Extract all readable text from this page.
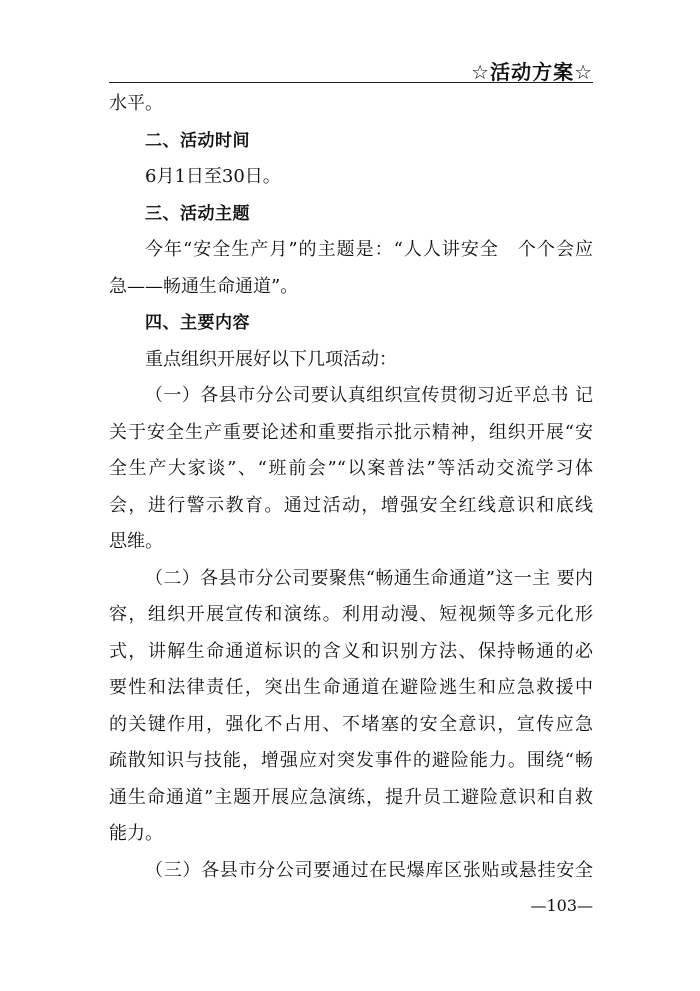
☆活动方案☆
水平。
二、活动时间
6月1日至30日。
三、活动主题
今年“安全生产月”的主题是：“人人讲安全　个个会应
急——畅通生命通道”。
四、主要内容
重点组织开展好以下几项活动：
（一）各县市分公司要认真组织宣传贯彻习近平总书 记
关于安全生产重要论述和重要指示批示精神，组织开展“安
全生产大家谈”、“班前会”“以案普法”等活动交流学习体
会，进行警示教育。通过活动，增强安全红线意识和底线
思维。
（二）各县市分公司要聚焦“畅通生命通道”这一主 要内
容，组织开展宣传和演练。利用动漫、短视频等多元化形
式，讲解生命通道标识的含义和识别方法、保持畅通的必
要性和法律责任，突出生命通道在避险逃生和应急救援中
的关键作用，强化不占用、不堵塞的安全意识，宣传应急
疏散知识与技能，增强应对突发事件的避险能力。围绕“畅
通生命通道”主题开展应急演练，提升员工避险意识和自救
能力。
（三）各县市分公司要通过在民爆库区张贴或悬挂安全
—103—
